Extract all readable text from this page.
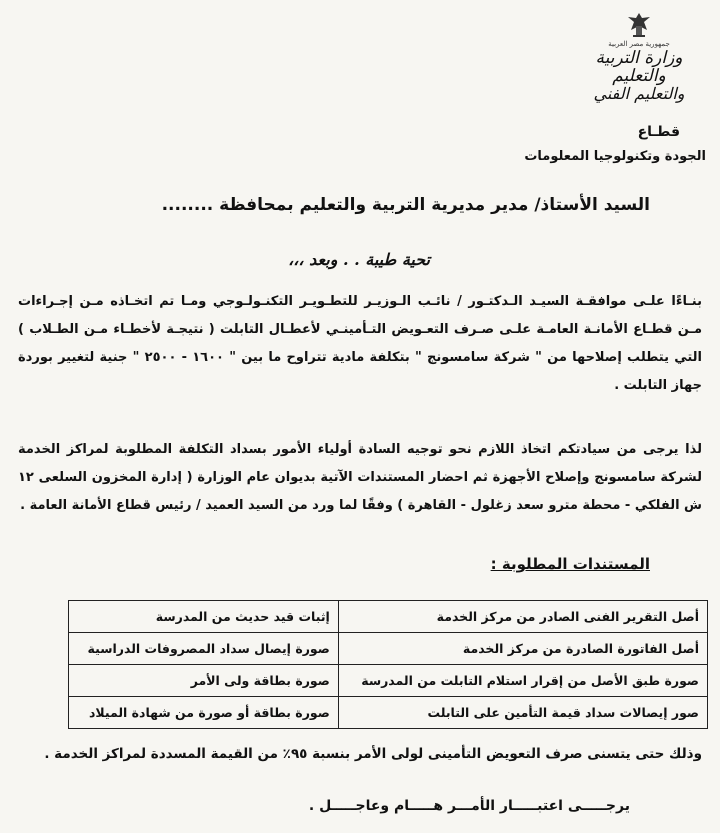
جمهورية مصر العربية
وزارة التربية والتعليم
والتعليم الفني
قطـاع
الجودة وتكنولوجيا المعلومات
السيد الأستاذ/ مدير مديرية التربية والتعليم بمحافظة ........
تحية طيبة . . وبعد ،،،
بنـاءًا علـى موافقـة السيـد الـدكتـور / نائـب الـوزيـر للتطـويـر التكنـولـوجي ومـا تم اتخـاذه مـن إجـراءات مـن قطـاع الأمانـة العامـة علـى صـرف التعـويض التـأمينـي لأعطـال التابلت ( نتيجـة لأخطـاء مـن الطـلاب ) التي يتطلب إصلاحها من " شركة سامسونج " بتكلفة مادية تتراوح ما بين " ١٦٠٠ - ٢٥٠٠ " جنية لتغيير بوردة جهاز التابلت .
لذا يرجى من سيادتكم اتخاذ اللازم نحو توجيه السادة أولياء الأمور بسداد التكلفة المطلوبة لمراكز الخدمة لشركة سامسونج وإصلاح الأجهزة ثم احضار المستندات الآتية بديوان عام الوزارة ( إدارة المخزون السلعى ١٢ ش الفلكي - محطة مترو سعد زغلول - القاهرة ) وفقًا لما ورد من السيد العميد / رئيس قطاع الأمانة العامة .
المستندات المطلوبة :
أصل التقرير الفنى الصادر من مركز الخدمة	إثبات قيد حديث من المدرسة
أصل الفاتورة الصادرة من مركز الخدمة	صورة إيصال سداد المصروفات الدراسية
صورة طبق الأصل من إقرار استلام التابلت من المدرسة	صورة بطاقة ولى الأمر
صور إيصالات سداد قيمة التأمين على التابلت	صورة بطاقة أو صورة من شهادة الميلاد
وذلك حتى يتسنى صرف التعويض التأمينى لولى الأمر بنسبة ٩٥٪ من القيمة المسددة لمراكز الخدمة .
يرجـــــى اعتبـــــار الأمـــر هـــــام وعاجـــــل .
